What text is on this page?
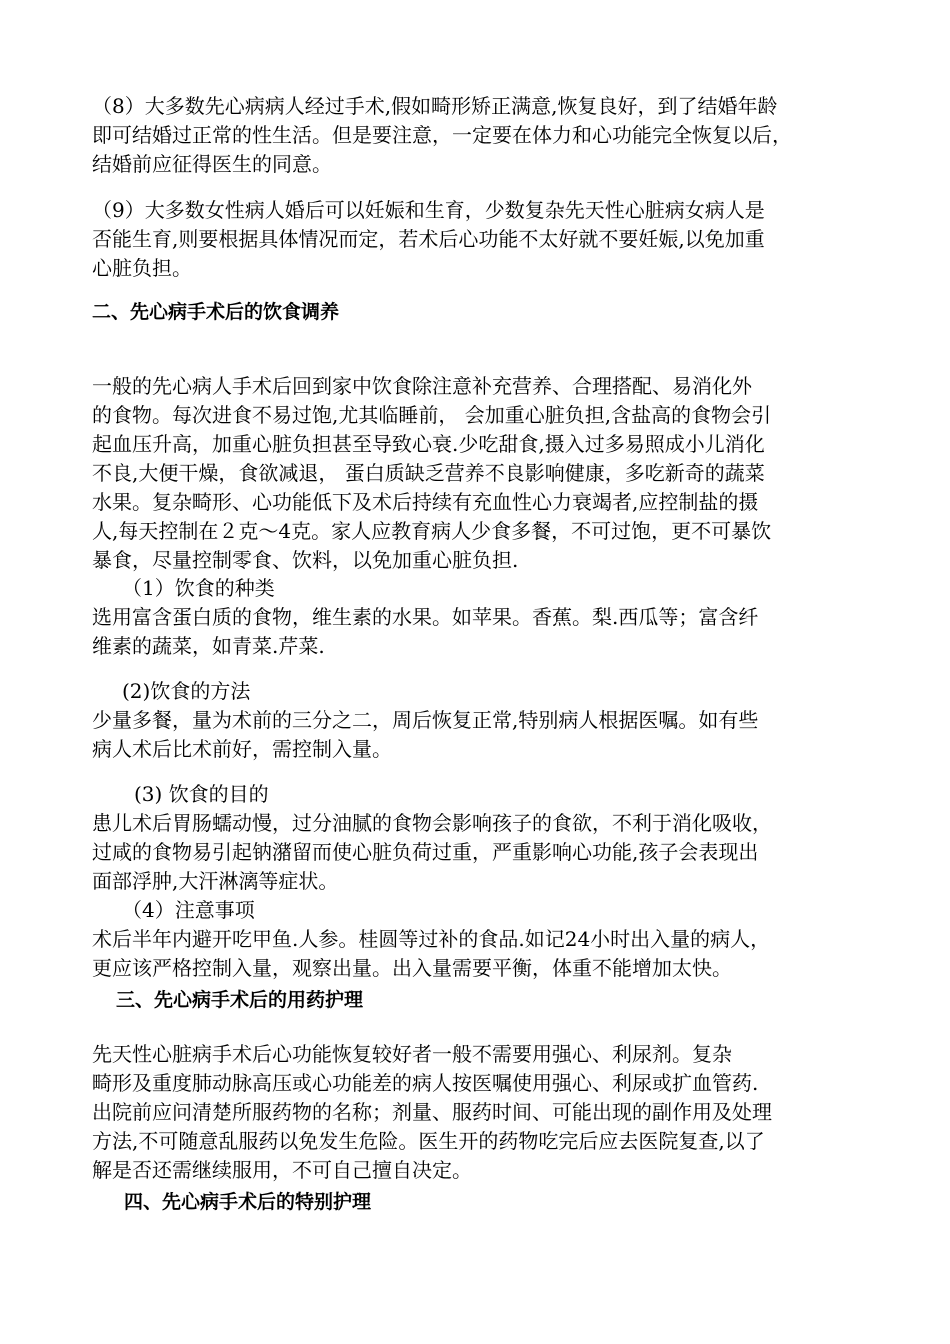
（8）大多数先心病病人经过手术,假如畸形矫正满意,恢复良好，到了结婚年龄
即可结婚过正常的性生活。但是要注意，一定要在体力和心功能完全恢复以后，
结婚前应征得医生的同意。
（9）大多数女性病人婚后可以妊娠和生育，少数复杂先天性心脏病女病人是
否能生育,则要根据具体情况而定，若术后心功能不太好就不要妊娠,以免加重
心脏负担。
二、先心病手术后的饮食调养
一般的先心病人手术后回到家中饮食除注意补充营养、合理搭配、易消化外
的食物。每次进食不易过饱,尤其临睡前， 会加重心脏负担,含盐高的食物会引
起血压升高，加重心脏负担甚至导致心衰.少吃甜食,摄入过多易照成小儿消化
不良,大便干燥，食欲减退， 蛋白质缺乏营养不良影响健康，多吃新奇的蔬菜
水果。复杂畸形、心功能低下及术后持续有充血性心力衰竭者,应控制盐的摄
人,每天控制在２克～4克。家人应教育病人少食多餐，不可过饱，更不可暴饮
暴食，尽量控制零食、饮料，以免加重心脏负担.
（1）饮食的种类
选用富含蛋白质的食物，维生素的水果。如苹果。香蕉。梨.西瓜等；富含纤
维素的蔬菜，如青菜.芹菜.
(2)饮食的方法
少量多餐，量为术前的三分之二，周后恢复正常,特别病人根据医嘱。如有些
病人术后比术前好，需控制入量。
(3) 饮食的目的
患儿术后胃肠蠕动慢，过分油腻的食物会影响孩子的食欲，不利于消化吸收，
过咸的食物易引起钠潴留而使心脏负荷过重，严重影响心功能,孩子会表现出
面部浮肿,大汗淋漓等症状。
（4）注意事项
术后半年内避开吃甲鱼.人参。桂圆等过补的食品.如记24小时出入量的病人，
更应该严格控制入量，观察出量。出入量需要平衡，体重不能增加太快。
三、先心病手术后的用药护理
先天性心脏病手术后心功能恢复较好者一般不需要用强心、利尿剂。复杂
畸形及重度肺动脉高压或心功能差的病人按医嘱使用强心、利尿或扩血管药.
出院前应问清楚所服药物的名称；剂量、服药时间、可能出现的副作用及处理
方法,不可随意乱服药以免发生危险。医生开的药物吃完后应去医院复查,以了
解是否还需继续服用，不可自己擅自决定。
四、先心病手术后的特别护理
